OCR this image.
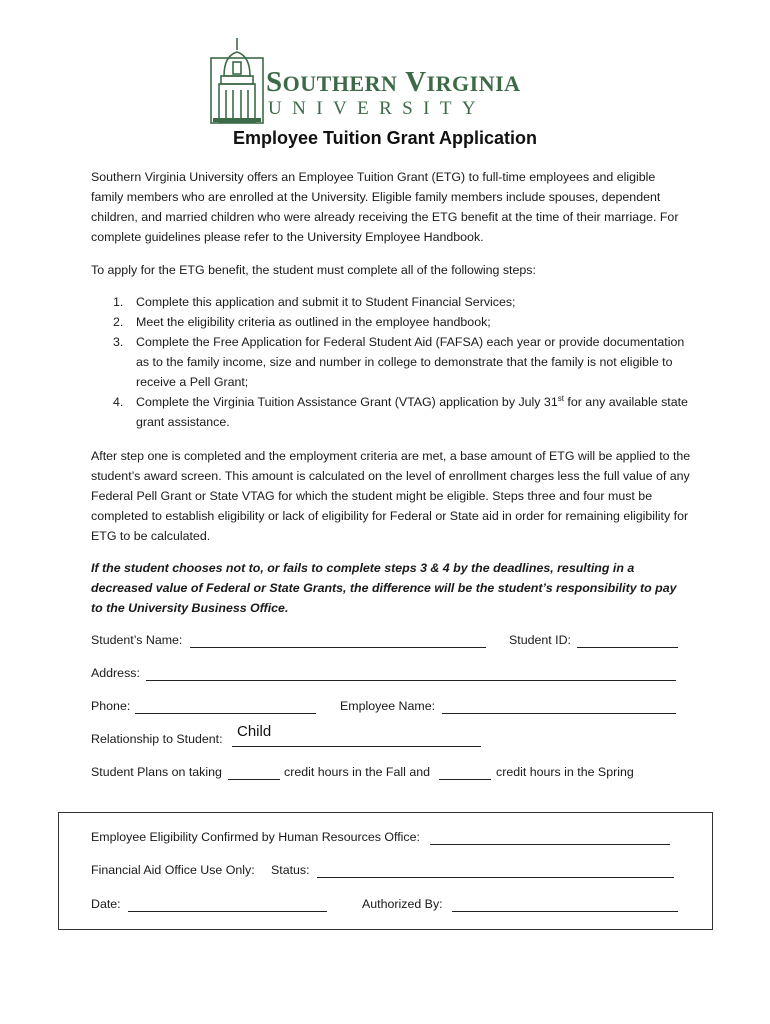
SOUTHERN VIRGINIA
UNIVERSITY
Employee Tuition Grant Application
Southern Virginia University offers an Employee Tuition Grant (ETG) to full-time employees and eligible family members who are enrolled at the University. Eligible family members include spouses, dependent children, and married children who were already receiving the ETG benefit at the time of their marriage. For complete guidelines please refer to the University Employee Handbook.
To apply for the ETG benefit, the student must complete all of the following steps:
1. Complete this application and submit it to Student Financial Services;
2. Meet the eligibility criteria as outlined in the employee handbook;
3. Complete the Free Application for Federal Student Aid (FAFSA) each year or provide documentation as to the family income, size and number in college to demonstrate that the family is not eligible to receive a Pell Grant;
4. Complete the Virginia Tuition Assistance Grant (VTAG) application by July 31st for any available state grant assistance.
After step one is completed and the employment criteria are met, a base amount of ETG will be applied to the student’s award screen. This amount is calculated on the level of enrollment charges less the full value of any Federal Pell Grant or State VTAG for which the student might be eligible. Steps three and four must be completed to establish eligibility or lack of eligibility for Federal or State aid in order for remaining eligibility for ETG to be calculated.
If the student chooses not to, or fails to complete steps 3 & 4 by the deadlines, resulting in a decreased value of Federal or State Grants, the difference will be the student’s responsibility to pay to the University Business Office.
Student’s Name:	Student ID:
Address:
Phone:	Employee Name:
Relationship to Student: Child
Student Plans on taking	credit hours in the Fall and	credit hours in the Spring
Employee Eligibility Confirmed by Human Resources Office:
Financial Aid Office Use Only: Status:
Date:	Authorized By:
